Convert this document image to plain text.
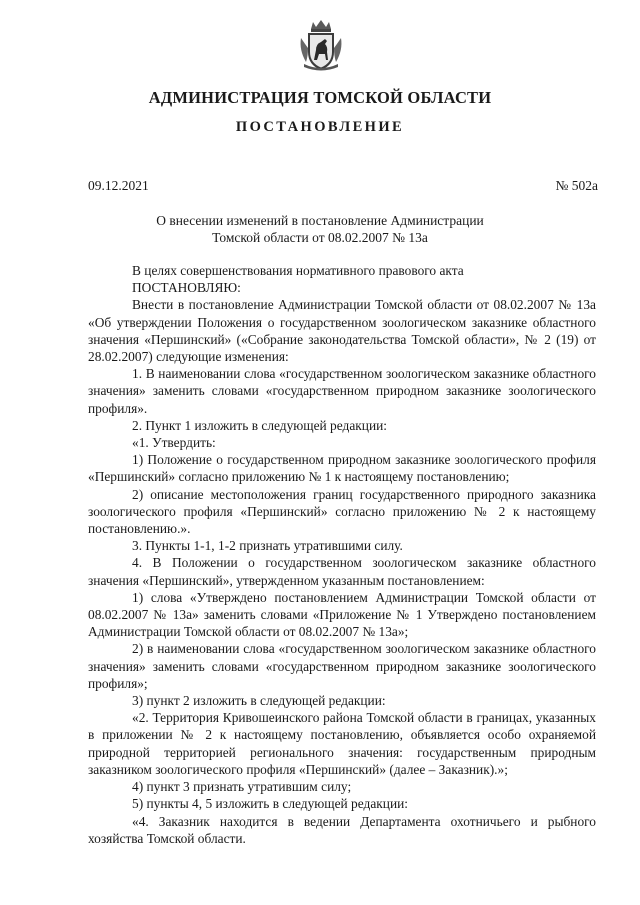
АДМИНИСТРАЦИЯ ТОМСКОЙ ОБЛАСТИ
ПОСТАНОВЛЕНИЕ
09.12.2021	№ 502а
О внесении изменений в постановление Администрации
Томской области от 08.02.2007 № 13а

В целях совершенствования нормативного правового акта

ПОСТАНОВЛЯЮ:

Внести в постановление Администрации Томской области от 08.02.2007 № 13а «Об утверждении Положения о государственном зоологическом заказнике областного значения «Першинский» («Собрание законодательства Томской области», № 2 (19) от 28.02.2007) следующие изменения:

1. В наименовании слова «государственном зоологическом заказнике областного значения» заменить словами «государственном природном заказнике зоологического профиля».

2. Пункт 1 изложить в следующей редакции:

«1. Утвердить:

1) Положение о государственном природном заказнике зоологического профиля «Першинский» согласно приложению № 1 к настоящему постановлению;

2) описание местоположения границ государственного природного заказника зоологического профиля «Першинский» согласно приложению № 2 к настоящему постановлению.».

3. Пункты 1-1, 1-2 признать утратившими силу.

4. В Положении о государственном зоологическом заказнике областного значения «Першинский», утвержденном указанным постановлением:

1) слова «Утверждено постановлением Администрации Томской области от 08.02.2007 № 13а» заменить словами «Приложение № 1 Утверждено постановлением Администрации Томской области от 08.02.2007 № 13а»;

2) в наименовании слова «государственном зоологическом заказнике областного значения» заменить словами «государственном природном заказнике зоологического профиля»;

3) пункт 2 изложить в следующей редакции:

«2. Территория Кривошеинского района Томской области в границах, указанных в приложении № 2 к настоящему постановлению, объявляется особо охраняемой природной территорией регионального значения: государственным природным заказником зоологического профиля «Першинский» (далее – Заказник).»;

4) пункт 3 признать утратившим силу;

5) пункты 4, 5 изложить в следующей редакции:

«4. Заказник находится в ведении Департамента охотничьего и рыбного хозяйства Томской области.
